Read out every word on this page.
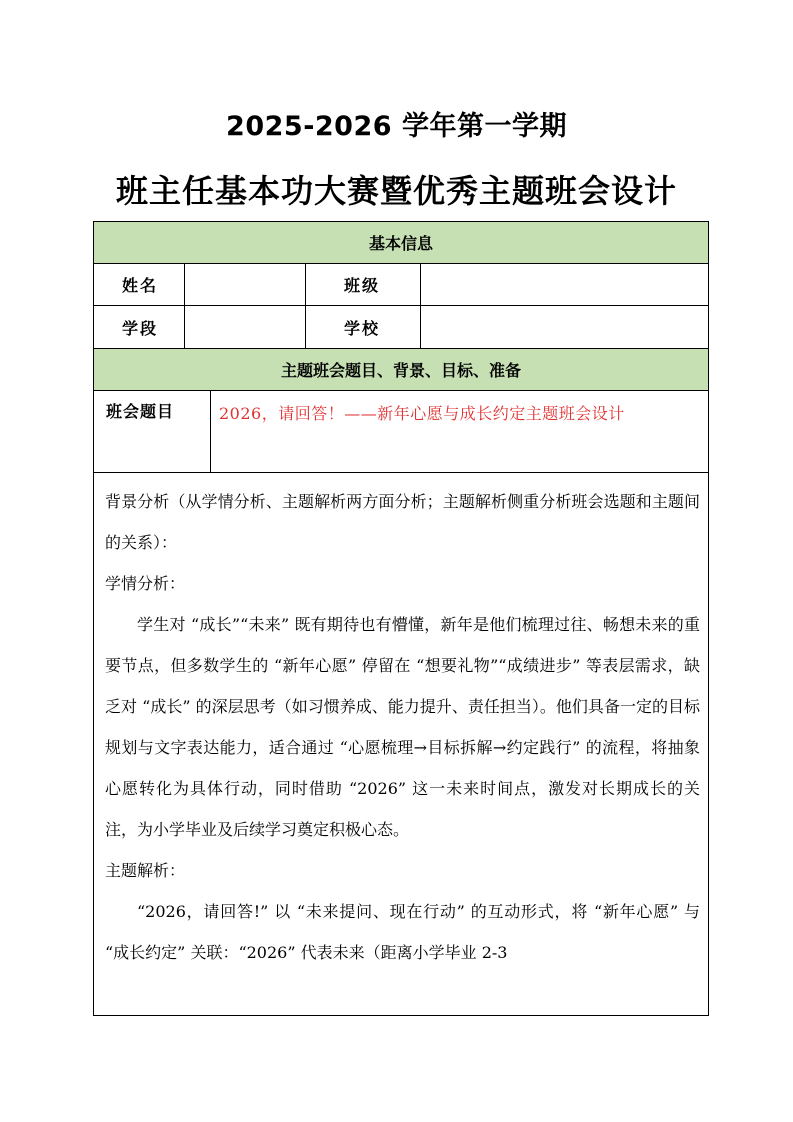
2025-2026 学年第一学期
班主任基本功大赛暨优秀主题班会设计
基本信息				
姓名			班级	
学段			学校	
主题班会题目、背景、目标、准备				
班会题目		2026，请回答！——新年心愿与成长约定主题班会设计		

背景分析（从学情分析、主题解析两方面分析；主题解析侧重分析班会选题和主题间的关系）：

学情分析：

学生对 “成长”“未来” 既有期待也有懵懂，新年是他们梳理过往、畅想未来的重要节点，但多数学生的 “新年心愿” 停留在 “想要礼物”“成绩进步” 等表层需求，缺乏对 “成长” 的深层思考（如习惯养成、能力提升、责任担当）。他们具备一定的目标规划与文字表达能力，适合通过 “心愿梳理→目标拆解→约定践行” 的流程，将抽象心愿转化为具体行动，同时借助 “2026” 这一未来时间点，激发对长期成长的关注，为小学毕业及后续学习奠定积极心态。

主题解析：

“2026，请回答!” 以 “未来提问、现在行动” 的互动形式，将 “新年心愿” 与 “成长约定” 关联：“2026” 代表未来（距离小学毕业 2-3				
